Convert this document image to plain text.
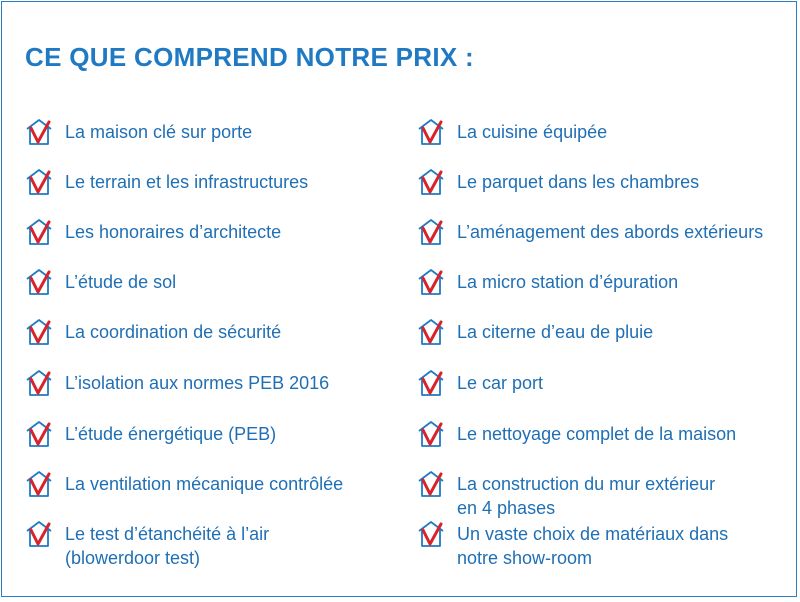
CE QUE COMPREND NOTRE PRIX :
La maison clé sur porte
Le terrain et les infrastructures
Les honoraires d’architecte
L’étude de sol
La coordination de sécurité
L’isolation aux normes PEB 2016
L’étude énergétique (PEB)
La ventilation mécanique contrôlée
Le test d’étanchéité à l’air
(blowerdoor test)
La cuisine équipée
Le parquet dans les chambres
L’aménagement des abords extérieurs
La micro station d’épuration
La citerne d’eau de pluie
Le car port
Le nettoyage complet de la maison
La construction du mur extérieur
en 4 phases
Un vaste choix de matériaux dans
notre show-room
